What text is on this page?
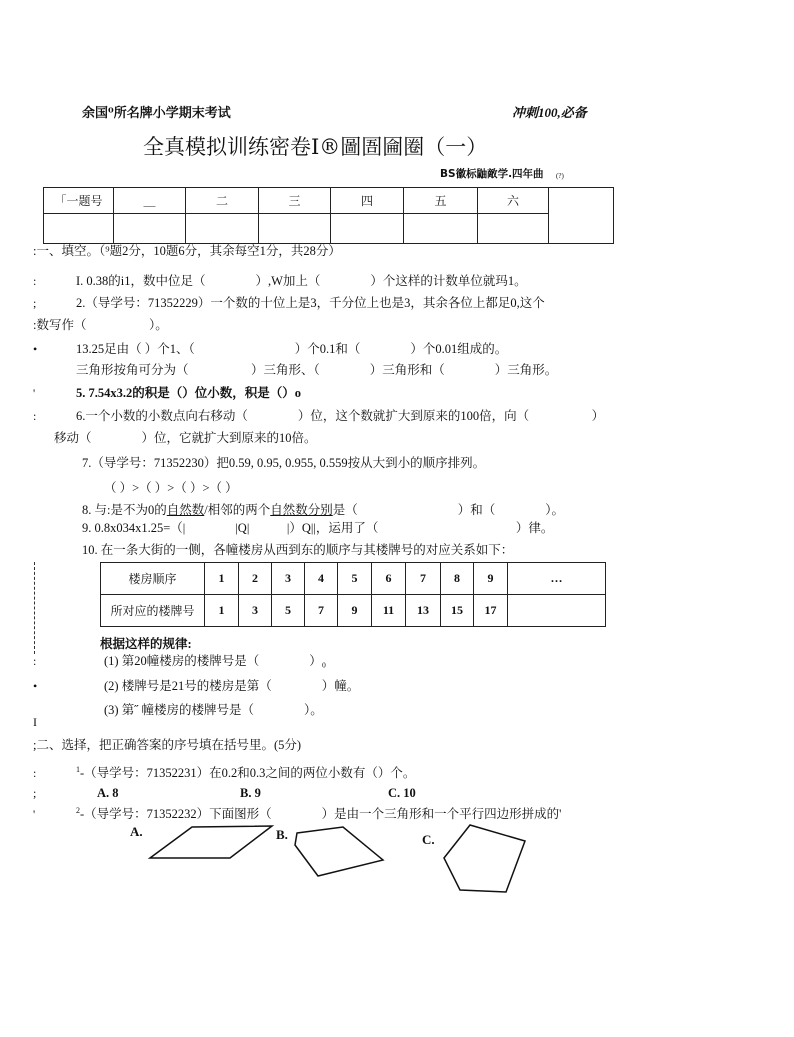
余国⁰所名牌小学期末考试	冲刺100,必备
全真模拟训练密卷I®圖圄圇圈（一）
BS徽标鼬敵学.四年曲 (?)
「一题号	＿	二	三	四	五	六	

:一、填空。（⁹题2分，10题6分，其余每空1分，共28分）
:	I. 0.38的i1，数中位足（　　　　）,W加上（　　　　）个这样的计数单位就玛1。
;	2.（导学号：71352229）一个数的十位上是3，千分位上也是3，其余各位上都足0,这个
:数写作（　　　　　）。
•	13.25足由（ ）个1、（　　　　　　　　）个0.1和（　　　　）个0.01组成的。
三角形按角可分为（　　　　　）三角形、（　　　　）三角形和（　　　　）三角形。
'	5. 7.54x3.2的积是（）位小数，积是（）o
:	6.一个小数的小数点向右移动（　　　　）位，这个数就扩大到原来的100倍，向（　　　　　）
移动（　　　　）位，它就扩大到原来的10倍。
7.（导学号：71352230）把0.59, 0.95, 0.955, 0.559按从大到小的顺序排列。
（ ）>（ ）>（ ）>（ ）
8. 与:是不为0的自然数/相邻的两个自然数分别是（　　　　　　　　）和（　　　　）。
9. 0.8x034x1.25=（|　　　　|Q|　　　|）Q||，运用了（　　　　　　　　　　　）律。
10. 在一条大街的一侧，各幢楼房从西到东的顺序与其楼牌号的对应关系如下：
楼房顺序	1	2	3	4	5	6	7	8	9	…
所对应的楼牌号	1	3	5	7	9	11	13	15	17	
根据这样的规律:
:	(1) 第20幢楼房的楼牌号是（　　　　）₀
•	(2) 楼牌号是21号的楼房是第（　　　　）幢。
(3) 第˝ 幢楼房的楼牌号是（　　　　）。
I
;二、选择，把正确答案的序号填在括号里。(5分)
:	$^1$-（导学号：71352231）在0.2和0.3之间的两位小数有（）个。
;	A. 8	B. 9	C. 10
'	$^2$-（导学号：71352232）下面图形（　　　　）是由一个三角形和一个平行四边形拼成的'
A.	B.	C.
